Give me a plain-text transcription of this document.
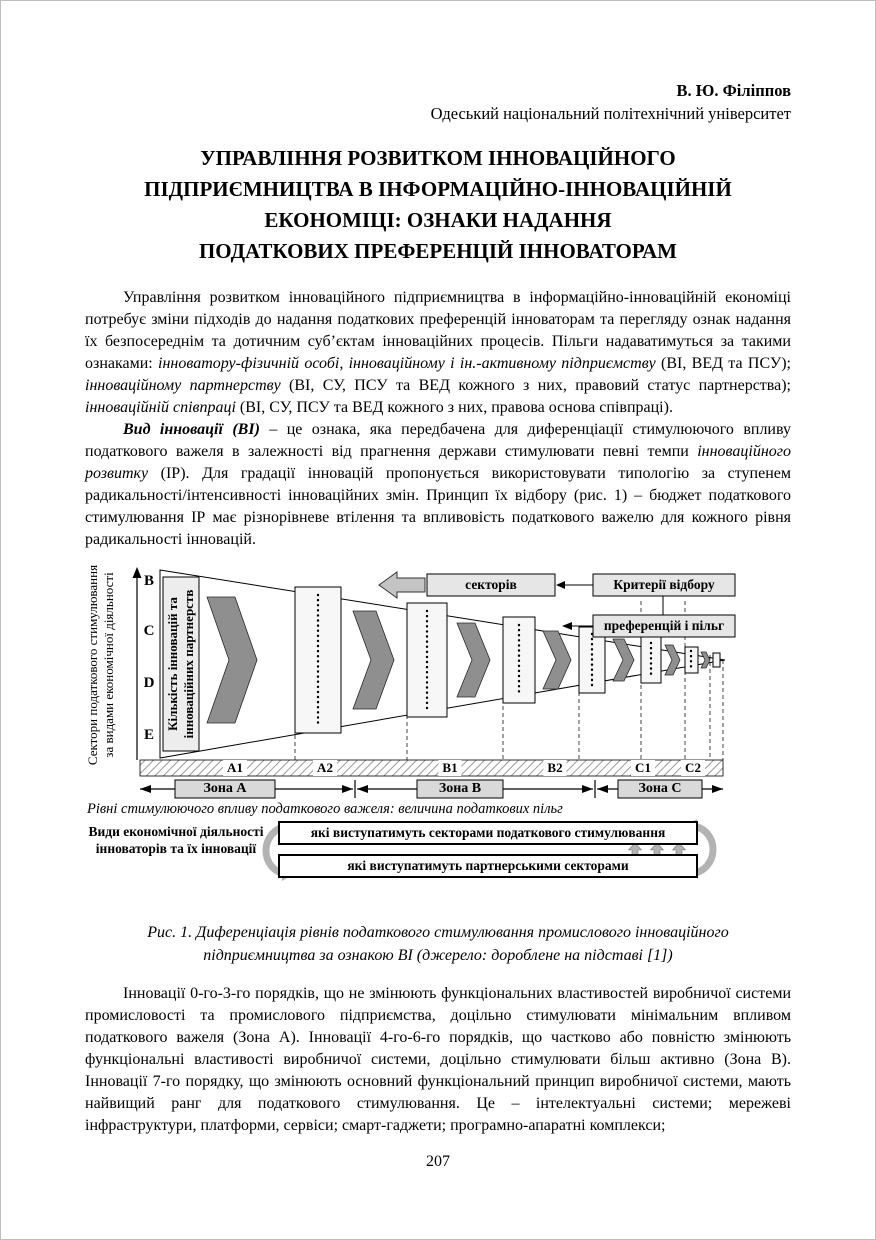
В. Ю. Філіппов
Одеський національний політехнічний університет
УПРАВЛІННЯ РОЗВИТКОМ ІННОВАЦІЙНОГО
ПІДПРИЄМНИЦТВА В ІНФОРМАЦІЙНО-ІННОВАЦІЙНІЙ
ЕКОНОМІЦІ: ОЗНАКИ НАДАННЯ
ПОДАТКОВИХ ПРЕФЕРЕНЦІЙ ІННОВАТОРАМ

Управління розвитком інноваційного підприємництва в інформаційно-інноваційній економіці потребує зміни підходів до надання податкових преференцій інноваторам та перегляду ознак надання їх безпосереднім та дотичним суб’єктам інноваційних процесів. Пільги надаватимуться за такими ознаками: інноватору-фізичній особі, інноваційному і ін.-активному підприємству (ВІ, ВЕД та ПСУ); інноваційному партнерству (ВІ, СУ, ПСУ та ВЕД кожного з них, правовий статус партнерства); інноваційній співпраці (ВІ, СУ, ПСУ та ВЕД кожного з них, правова основа співпраці).

Вид інновації (ВІ) – це ознака, яка передбачена для диференціації стимулюючого впливу податкового важеля в залежності від прагнення держави стимулювати певні темпи інноваційного розвитку (ІР). Для градації інновацій пропонується використовувати типологію за ступенем радикальності/інтенсивності інноваційних змін. Принцип їх відбору (рис. 1) – бюджет податкового стимулювання ІР має різнорівневе втілення та впливовість податкового важелю для кожного рівня радикальності інновацій.

Сектори податкового стимулювання за видами економічної діяльності	Кількість інновацій та інноваційних партнерств
B
C
D
E
секторів	Критерії відбору
преференцій і пільг
A1	A2	B1	B2	C1	C2
Зона А	Зона В	Зона С
Рівні стимулюючого впливу податкового важеля: величина податкових пільг
Види економічної діяльності інноваторів та їх інновації
які виступатимуть секторами податкового стимулювання
які виступатимуть партнерськими секторами
Рис. 1. Диференціація рівнів податкового стимулювання промислового інноваційного
підприємництва за ознакою ВІ (джерело: дороблене на підставі [1])

Інновації 0-го-3-го порядків, що не змінюють функціональних властивостей виробничої системи промисловості та промислового підприємства, доцільно стимулювати мінімальним впливом податкового важеля (Зона А). Інновації 4-го-6-го порядків, що частково або повністю змінюють функціональні властивості виробничої системи, доцільно стимулювати більш активно (Зона В). Інновації 7-го порядку, що змінюють основний функціональний принцип виробничої системи, мають найвищий ранг для податкового стимулювання. Це – інтелектуальні системи; мережеві інфраструктури, платформи, сервіси; смарт-гаджети; програмно-апаратні комплекси;

207
